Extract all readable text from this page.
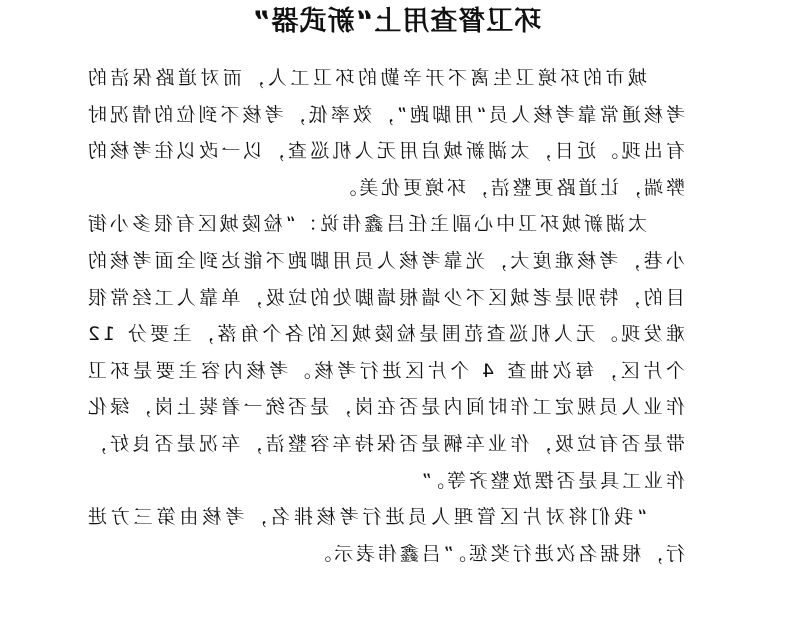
环卫督查用上“新武器”

城市的环境卫生离不开辛勤的环卫工人，而对道路保洁的考核通常靠考核人员“用脚跑”，效率低，考核不到位的情况时有出现。近日，太湖新城启用无人机巡查，以一改以往考核的弊端，让道路更整洁，环境更优美。

太湖新城环卫中心副主任吕鑫伟说：“检陵城区有很多小街小巷，考核难度大，光靠考核人员用脚跑不能达到全面考核的目的，特别是老城区不少墙根墙脚处的垃圾，单靠人工经常很难发现。无人机巡查范围是检陵城区的各个角落，主要分 12 个片区，每次抽查 4 个片区进行考核。考核内容主要是环卫作业人员规定工作时间内是否在岗，是否统一着装上岗，绿化带是否有垃圾，作业车辆是否保持车容整洁，车况是否良好，作业工具是否摆放整齐等。”

“我们将对片区管理人员进行考核排名，考核由第三方进行，根据名次进行奖惩。”吕鑫伟表示。
